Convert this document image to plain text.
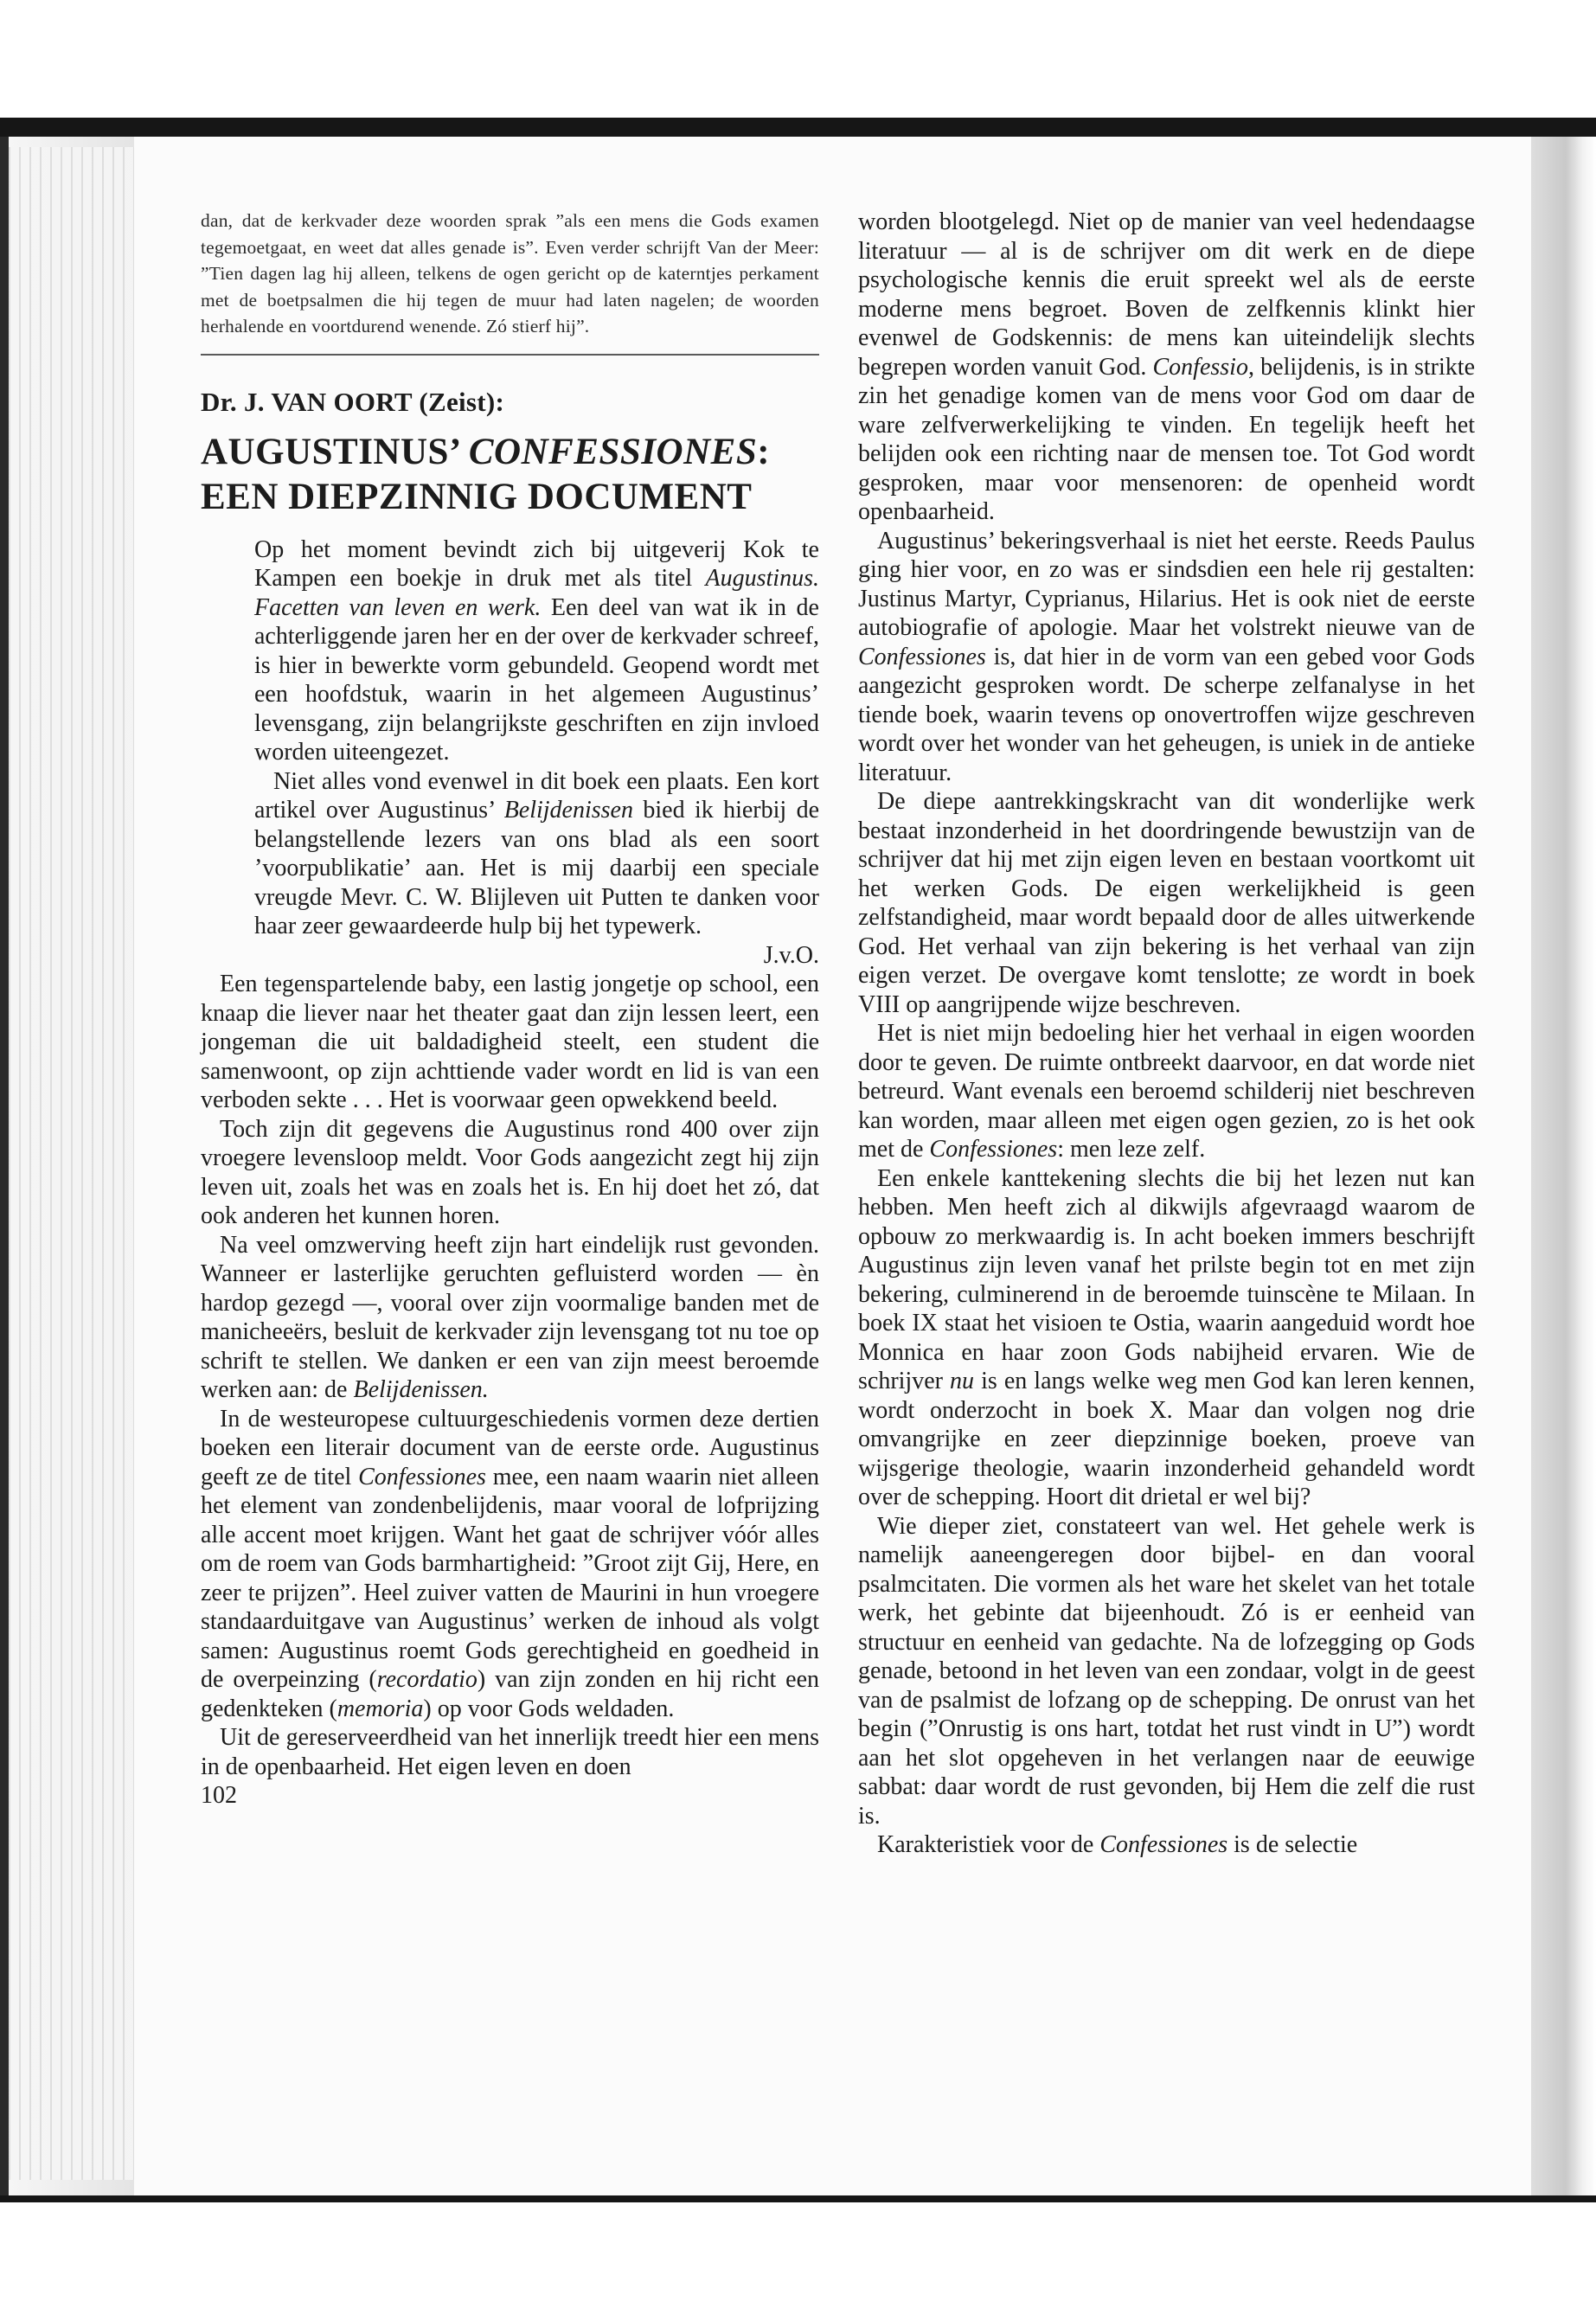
dan, dat de kerkvader deze woorden sprak ”als een mens die Gods examen tegemoetgaat, en weet dat alles genade is”. Even verder schrijft Van der Meer: ”Tien dagen lag hij alleen, telkens de ogen gericht op de katerntjes perkament met de boetpsalmen die hij tegen de muur had laten nagelen; de woorden herhalende en voortdurend wenende. Zó stierf hij”.

Dr. J. VAN OORT (Zeist):
AUGUSTINUS’ CONFESSIONES:
EEN DIEPZINNIG DOCUMENT

Op het moment bevindt zich bij uitgeverij Kok te Kampen een boekje in druk met als titel Augustinus. Facetten van leven en werk. Een deel van wat ik in de achterliggende jaren her en der over de kerkvader schreef, is hier in bewerkte vorm gebundeld. Geopend wordt met een hoofdstuk, waarin in het algemeen Augustinus’ levensgang, zijn belangrijkste geschriften en zijn invloed worden uiteengezet.

Niet alles vond evenwel in dit boek een plaats. Een kort artikel over Augustinus’ Belijdenissen bied ik hierbij de belangstellende lezers van ons blad als een soort ’voorpublikatie’ aan. Het is mij daarbij een speciale vreugde Mevr. C. W. Blijleven uit Putten te danken voor haar zeer gewaardeerde hulp bij het typewerk.

J.v.O.

Een tegenspartelende baby, een lastig jongetje op school, een knaap die liever naar het theater gaat dan zijn lessen leert, een jongeman die uit baldadigheid steelt, een student die samenwoont, op zijn achttiende vader wordt en lid is van een verboden sekte . . . Het is voorwaar geen opwekkend beeld.

Toch zijn dit gegevens die Augustinus rond 400 over zijn vroegere levensloop meldt. Voor Gods aangezicht zegt hij zijn leven uit, zoals het was en zoals het is. En hij doet het zó, dat ook anderen het kunnen horen.

Na veel omzwerving heeft zijn hart eindelijk rust gevonden. Wanneer er lasterlijke geruchten gefluisterd worden — èn hardop gezegd —, vooral over zijn voormalige banden met de manicheeërs, besluit de kerkvader zijn levensgang tot nu toe op schrift te stellen. We danken er een van zijn meest beroemde werken aan: de Belijdenissen.

In de westeuropese cultuurgeschiedenis vormen deze dertien boeken een literair document van de eerste orde. Augustinus geeft ze de titel Confessiones mee, een naam waarin niet alleen het element van zondenbelijdenis, maar vooral de lofprijzing alle accent moet krijgen. Want het gaat de schrijver vóór alles om de roem van Gods barmhartigheid: ”Groot zijt Gij, Here, en zeer te prijzen”. Heel zuiver vatten de Maurini in hun vroegere standaarduitgave van Augustinus’ werken de inhoud als volgt samen: Augustinus roemt Gods gerechtigheid en goedheid in de overpeinzing (recordatio) van zijn zonden en hij richt een gedenkteken (memoria) op voor Gods weldaden.

Uit de gereserveerdheid van het innerlijk treedt hier een mens in de openbaarheid. Het eigen leven en doen

102

worden blootgelegd. Niet op de manier van veel hedendaagse literatuur — al is de schrijver om dit werk en de diepe psychologische kennis die eruit spreekt wel als de eerste moderne mens begroet. Boven de zelfkennis klinkt hier evenwel de Godskennis: de mens kan uiteindelijk slechts begrepen worden vanuit God. Confessio, belijdenis, is in strikte zin het genadige komen van de mens voor God om daar de ware zelfverwerkelijking te vinden. En tegelijk heeft het belijden ook een richting naar de mensen toe. Tot God wordt gesproken, maar voor mensenoren: de openheid wordt openbaarheid.

Augustinus’ bekeringsverhaal is niet het eerste. Reeds Paulus ging hier voor, en zo was er sindsdien een hele rij gestalten: Justinus Martyr, Cyprianus, Hilarius. Het is ook niet de eerste autobiografie of apologie. Maar het volstrekt nieuwe van de Confessiones is, dat hier in de vorm van een gebed voor Gods aangezicht gesproken wordt. De scherpe zelfanalyse in het tiende boek, waarin tevens op onovertroffen wijze geschreven wordt over het wonder van het geheugen, is uniek in de antieke literatuur.

De diepe aantrekkingskracht van dit wonderlijke werk bestaat inzonderheid in het doordringende bewustzijn van de schrijver dat hij met zijn eigen leven en bestaan voortkomt uit het werken Gods. De eigen werkelijkheid is geen zelfstandigheid, maar wordt bepaald door de alles uitwerkende God. Het verhaal van zijn bekering is het verhaal van zijn eigen verzet. De overgave komt tenslotte; ze wordt in boek VIII op aangrijpende wijze beschreven.

Het is niet mijn bedoeling hier het verhaal in eigen woorden door te geven. De ruimte ontbreekt daarvoor, en dat worde niet betreurd. Want evenals een beroemd schilderij niet beschreven kan worden, maar alleen met eigen ogen gezien, zo is het ook met de Confessiones: men leze zelf.

Een enkele kanttekening slechts die bij het lezen nut kan hebben. Men heeft zich al dikwijls afgevraagd waarom de opbouw zo merkwaardig is. In acht boeken immers beschrijft Augustinus zijn leven vanaf het prilste begin tot en met zijn bekering, culminerend in de beroemde tuinscène te Milaan. In boek IX staat het visioen te Ostia, waarin aangeduid wordt hoe Monnica en haar zoon Gods nabijheid ervaren. Wie de schrijver nu is en langs welke weg men God kan leren kennen, wordt onderzocht in boek X. Maar dan volgen nog drie omvangrijke en zeer diepzinnige boeken, proeve van wijsgerige theologie, waarin inzonderheid gehandeld wordt over de schepping. Hoort dit drietal er wel bij?

Wie dieper ziet, constateert van wel. Het gehele werk is namelijk aaneengeregen door bijbel- en dan vooral psalmcitaten. Die vormen als het ware het skelet van het totale werk, het gebinte dat bijeenhoudt. Zó is er eenheid van structuur en eenheid van gedachte. Na de lofzegging op Gods genade, betoond in het leven van een zondaar, volgt in de geest van de psalmist de lofzang op de schepping. De onrust van het begin (”Onrustig is ons hart, totdat het rust vindt in U”) wordt aan het slot opgeheven in het verlangen naar de eeuwige sabbat: daar wordt de rust gevonden, bij Hem die zelf die rust is.

Karakteristiek voor de Confessiones is de selectie
